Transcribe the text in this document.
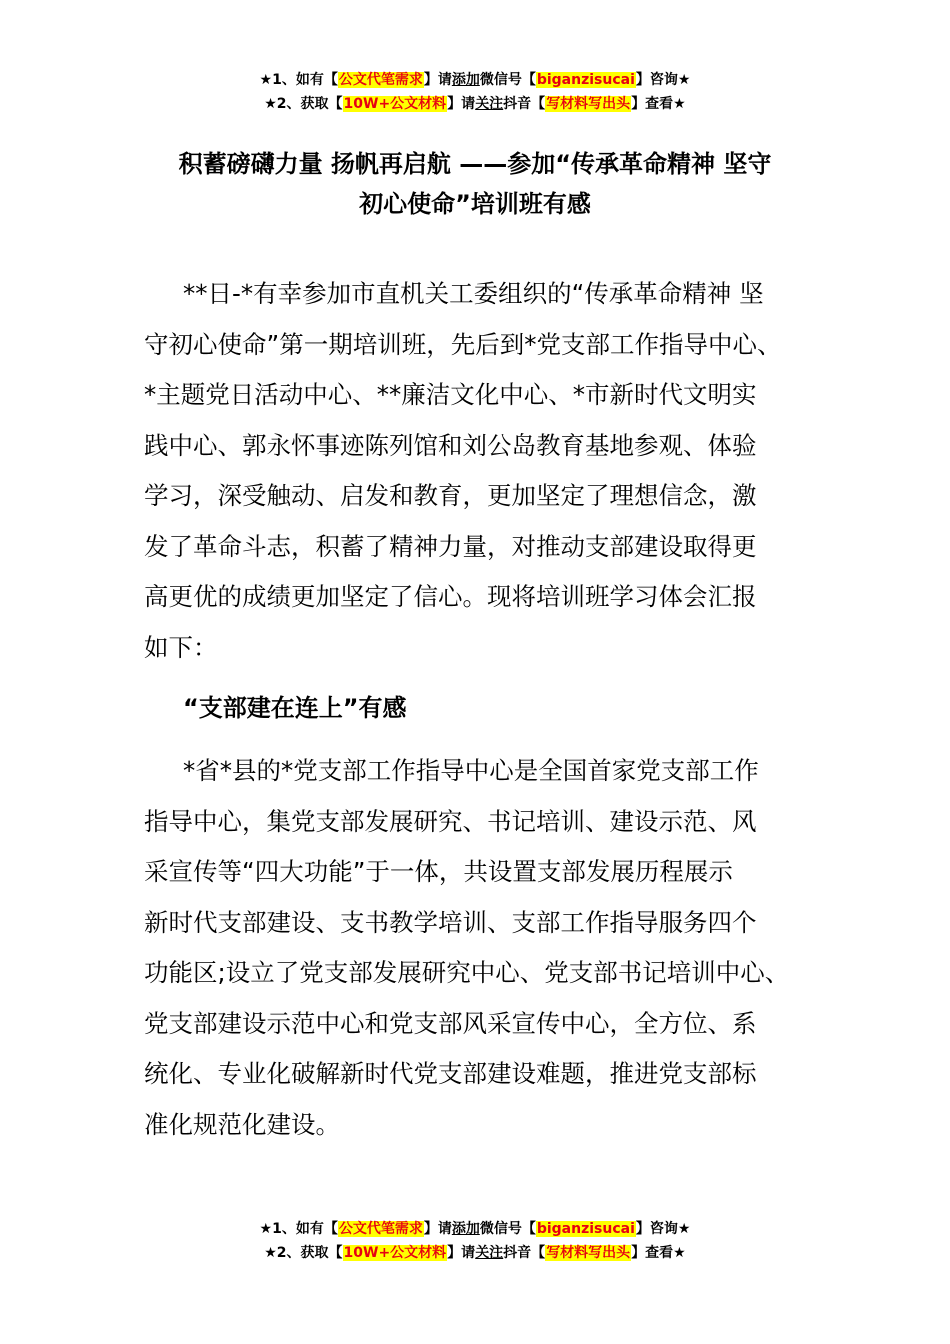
★1、如有【公文代笔需求】请添加微信号【biganzisucai】咨询★
★2、获取【10W+公文材料】请关注抖音【写材料写出头】查看★
积蓄磅礴力量 扬帆再启航 ——参加“传承革命精神 坚守
初心使命”培训班有感
**日-*有幸参加市直机关工委组织的“传承革命精神 坚
守初心使命”第一期培训班，先后到*党支部工作指导中心、
*主题党日活动中心、**廉洁文化中心、*市新时代文明实
践中心、郭永怀事迹陈列馆和刘公岛教育基地参观、体验
学习，深受触动、启发和教育，更加坚定了理想信念，激
发了革命斗志，积蓄了精神力量，对推动支部建设取得更
高更优的成绩更加坚定了信心。现将培训班学习体会汇报
如下：
“支部建在连上”有感
*省*县的*党支部工作指导中心是全国首家党支部工作
指导中心，集党支部发展研究、书记培训、建设示范、风
采宣传等“四大功能”于一体，共设置支部发展历程展示
新时代支部建设、支书教学培训、支部工作指导服务四个
功能区;设立了党支部发展研究中心、党支部书记培训中心、
党支部建设示范中心和党支部风采宣传中心，全方位、系
统化、专业化破解新时代党支部建设难题，推进党支部标
准化规范化建设。
★1、如有【公文代笔需求】请添加微信号【biganzisucai】咨询★
★2、获取【10W+公文材料】请关注抖音【写材料写出头】查看★
